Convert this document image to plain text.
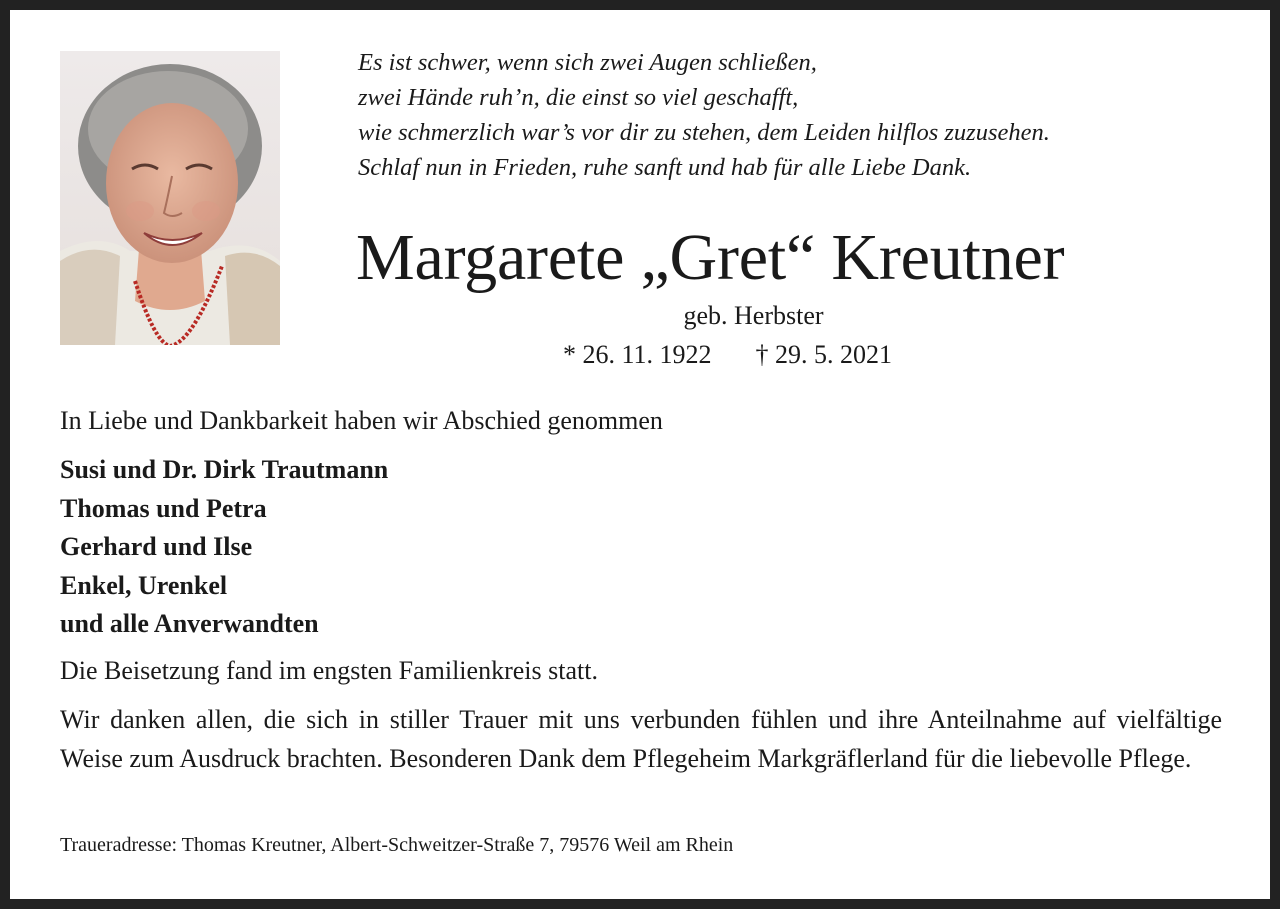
Es ist schwer, wenn sich zwei Augen schließen,
zwei Hände ruh’n, die einst so viel geschafft,
wie schmerzlich war’s vor dir zu stehen, dem Leiden hilflos zuzusehen.
Schlaf nun in Frieden, ruhe sanft und hab für alle Liebe Dank.
Margarete „Gret“ Kreutner
geb. Herbster
* 26. 11. 1922 † 29. 5. 2021
In Liebe und Dankbarkeit haben wir Abschied genommen
Susi und Dr. Dirk Trautmann
Thomas und Petra
Gerhard und Ilse
Enkel, Urenkel
und alle Anverwandten
Die Beisetzung fand im engsten Familienkreis statt.
Wir danken allen, die sich in stiller Trauer mit uns verbunden fühlen und ihre Anteilnahme auf vielfältige Weise zum Ausdruck brachten. Besonderen Dank dem Pflegeheim Markgräflerland für die liebevolle Pflege.
Traueradresse: Thomas Kreutner, Albert-Schweitzer-Straße 7, 79576 Weil am Rhein
